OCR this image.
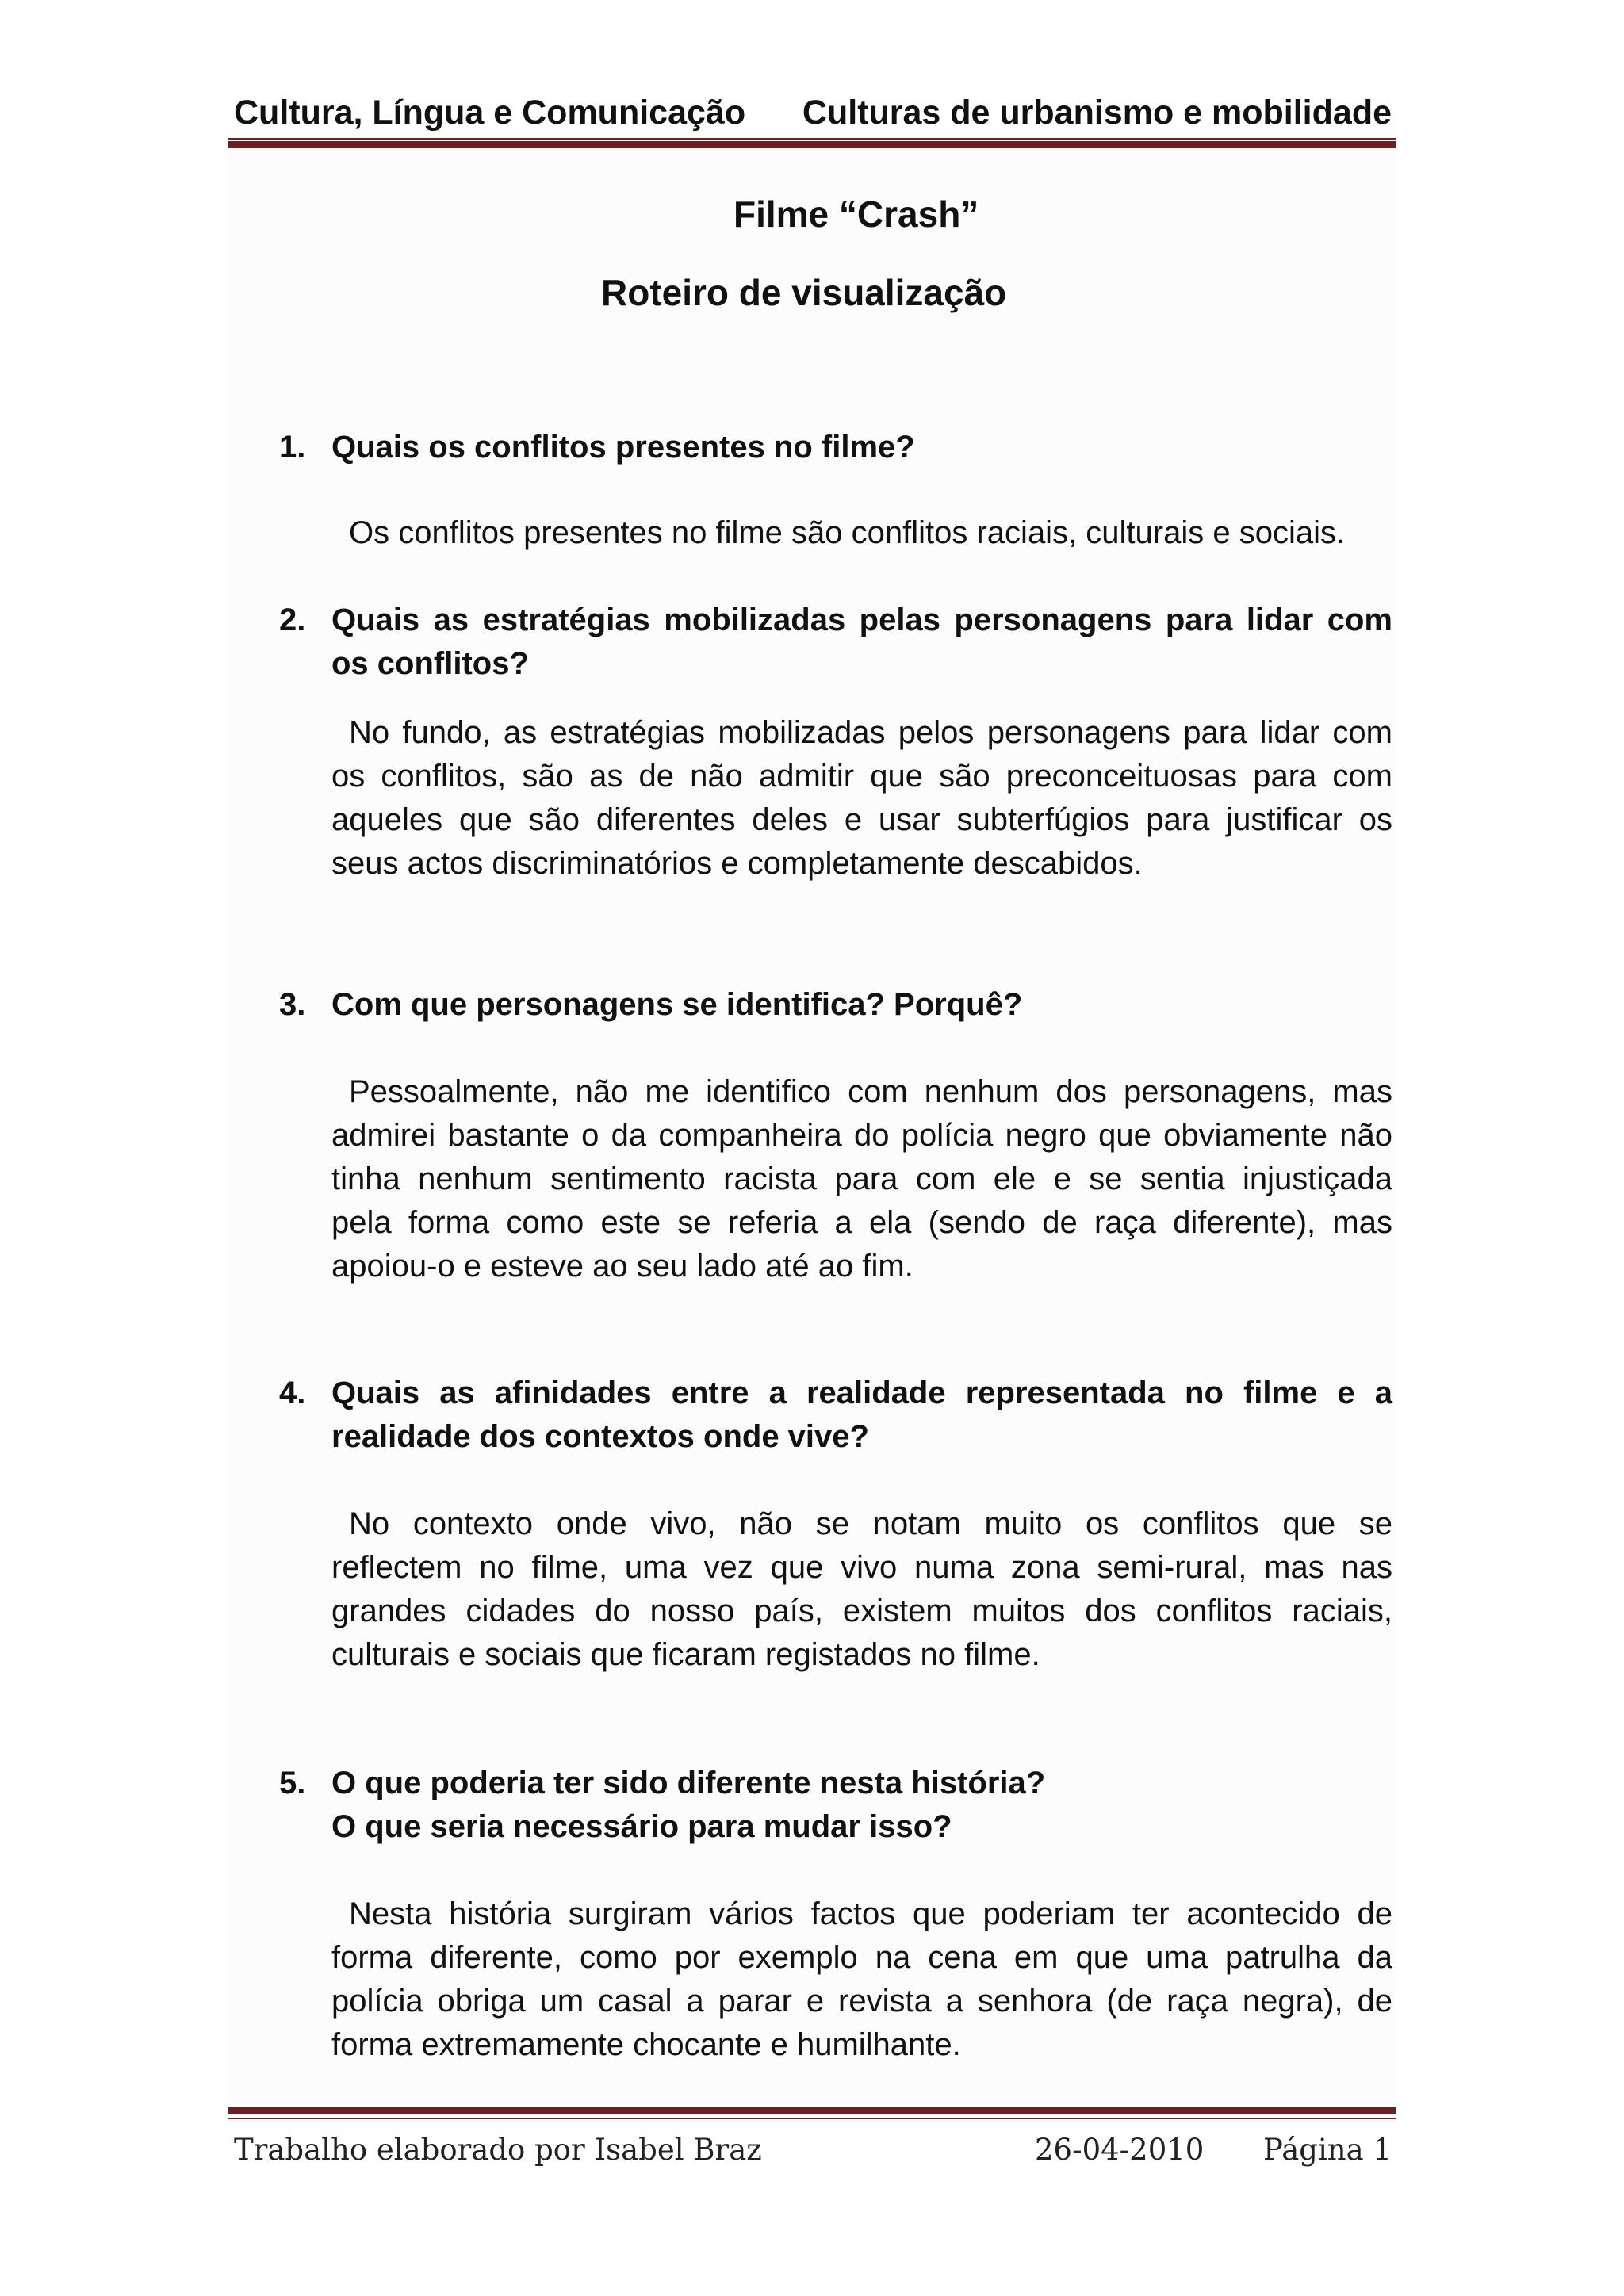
Cultura, Língua e Comunicação Culturas de urbanismo e mobilidade
Filme “Crash”
Roteiro de visualização
1. Quais os conflitos presentes no filme?
Os conflitos presentes no filme são conflitos raciais, culturais e sociais.
2. Quais as estratégias mobilizadas pelas personagens para lidar com
os conflitos?
No fundo, as estratégias mobilizadas pelos personagens para lidar com
os conflitos, são as de não admitir que são preconceituosas para com
aqueles que são diferentes deles e usar subterfúgios para justificar os
seus actos discriminatórios e completamente descabidos.
3. Com que personagens se identifica? Porquê?
Pessoalmente, não me identifico com nenhum dos personagens, mas
admirei bastante o da companheira do polícia negro que obviamente não
tinha nenhum sentimento racista para com ele e se sentia injustiçada
pela forma como este se referia a ela (sendo de raça diferente), mas
apoiou-o e esteve ao seu lado até ao fim.
4. Quais as afinidades entre a realidade representada no filme e a
realidade dos contextos onde vive?
No contexto onde vivo, não se notam muito os conflitos que se
reflectem no filme, uma vez que vivo numa zona semi-rural, mas nas
grandes cidades do nosso país, existem muitos dos conflitos raciais,
culturais e sociais que ficaram registados no filme.
5. O que poderia ter sido diferente nesta história?
O que seria necessário para mudar isso?
Nesta história surgiram vários factos que poderiam ter acontecido de
forma diferente, como por exemplo na cena em que uma patrulha da
polícia obriga um casal a parar e revista a senhora (de raça negra), de
forma extremamente chocante e humilhante.
Trabalho elaborado por Isabel Braz	26-04-2010 Página 1
